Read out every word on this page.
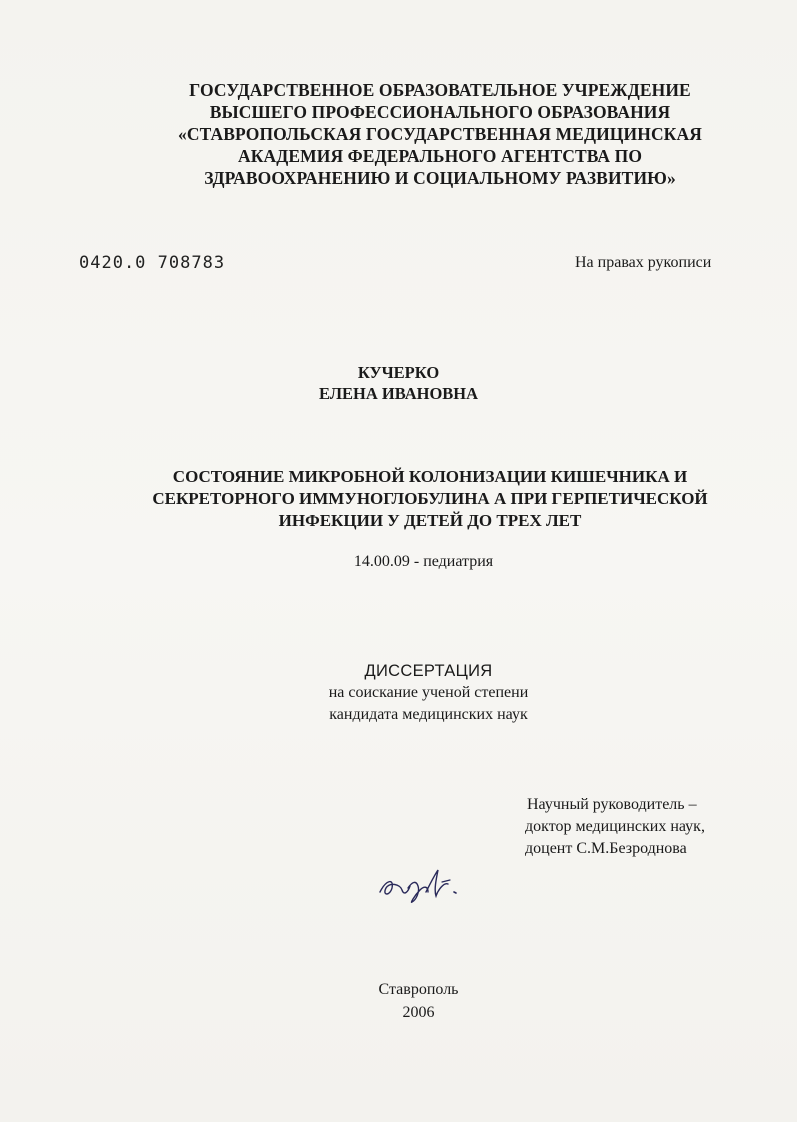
ГОСУДАРСТВЕННОЕ ОБРАЗОВАТЕЛЬНОЕ УЧРЕЖДЕНИЕ
ВЫСШЕГО ПРОФЕССИОНАЛЬНОГО ОБРАЗОВАНИЯ
«СТАВРОПОЛЬСКАЯ ГОСУДАРСТВЕННАЯ МЕДИЦИНСКАЯ
АКАДЕМИЯ ФЕДЕРАЛЬНОГО АГЕНТСТВА ПО
ЗДРАВООХРАНЕНИЮ И СОЦИАЛЬНОМУ РАЗВИТИЮ»
0420.0 708783	На правах рукописи
КУЧЕРКО
ЕЛЕНА ИВАНОВНА
СОСТОЯНИЕ МИКРОБНОЙ КОЛОНИЗАЦИИ КИШЕЧНИКА И
СЕКРЕТОРНОГО ИММУНОГЛОБУЛИНА А ПРИ ГЕРПЕТИЧЕСКОЙ
ИНФЕКЦИИ У ДЕТЕЙ ДО ТРЕХ ЛЕТ
14.00.09 - педиатрия
ДИССЕРТАЦИЯ
на соискание ученой степени
кандидата медицинских наук
Научный руководитель –
доктор медицинских наук,
доцент С.М.Безроднова
Ставрополь
2006
